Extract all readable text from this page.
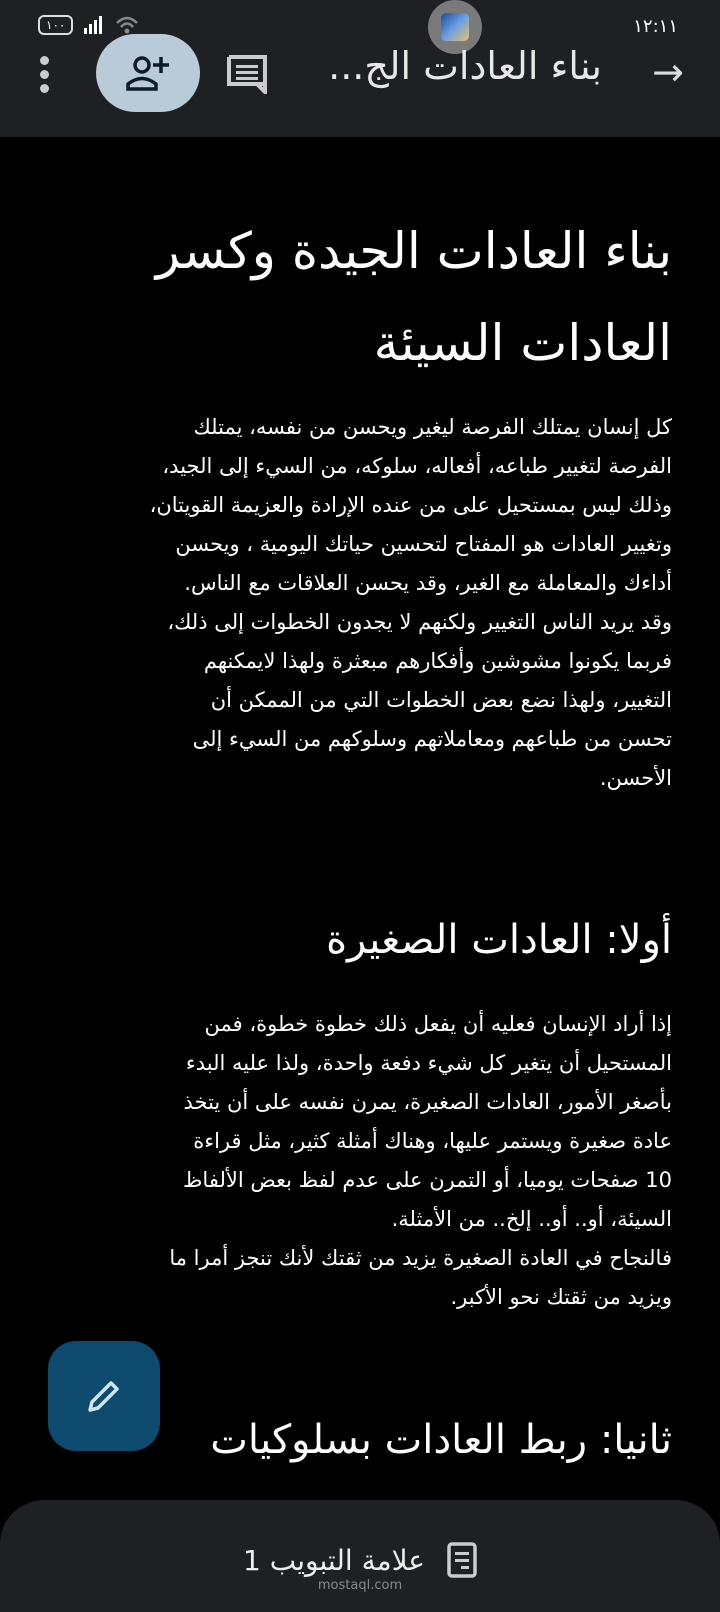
١٢:١١
١٠٠
→
بناء العادات الج...
بناء العادات الجيدة وكسر
العادات السيئة
كل إنسان يمتلك الفرصة ليغير ويحسن من نفسه، يمتلك
الفرصة لتغيير طباعه، أفعاله، سلوكه، من السيء إلى الجيد،
وذلك ليس بمستحيل على من عنده الإرادة والعزيمة القويتان،
وتغيير العادات هو المفتاح لتحسين حياتك اليومية ، ويحسن
أداءك والمعاملة مع الغير، وقد يحسن العلاقات مع الناس.
وقد يريد الناس التغيير ولكنهم لا يجدون الخطوات إلى ذلك،
فربما يكونوا مشوشين وأفكارهم مبعثرة ولهذا لايمكنهم
التغيير، ولهذا نضع بعض الخطوات التي من الممكن أن
تحسن من طباعهم ومعاملاتهم وسلوكهم من السيء إلى
الأحسن.
أولا: العادات الصغيرة
إذا أراد الإنسان فعليه أن يفعل ذلك خطوة خطوة، فمن
المستحيل أن يتغير كل شيء دفعة واحدة، ولذا عليه البدء
بأصغر الأمور، العادات الصغيرة، يمرن نفسه على أن يتخذ
عادة صغيرة ويستمر عليها، وهناك أمثلة كثير، مثل قراءة
10 صفحات يوميا، أو التمرن على عدم لفظ بعض الألفاظ
السيئة، أو.. أو.. إلخ.. من الأمثلة.
فالنجاح في العادة الصغيرة يزيد من ثقتك لأنك تنجز أمرا ما
ويزيد من ثقتك نحو الأكبر.
ثانيا: ربط العادات بسلوكيات
علامة التبويب 1
mostaql.com
